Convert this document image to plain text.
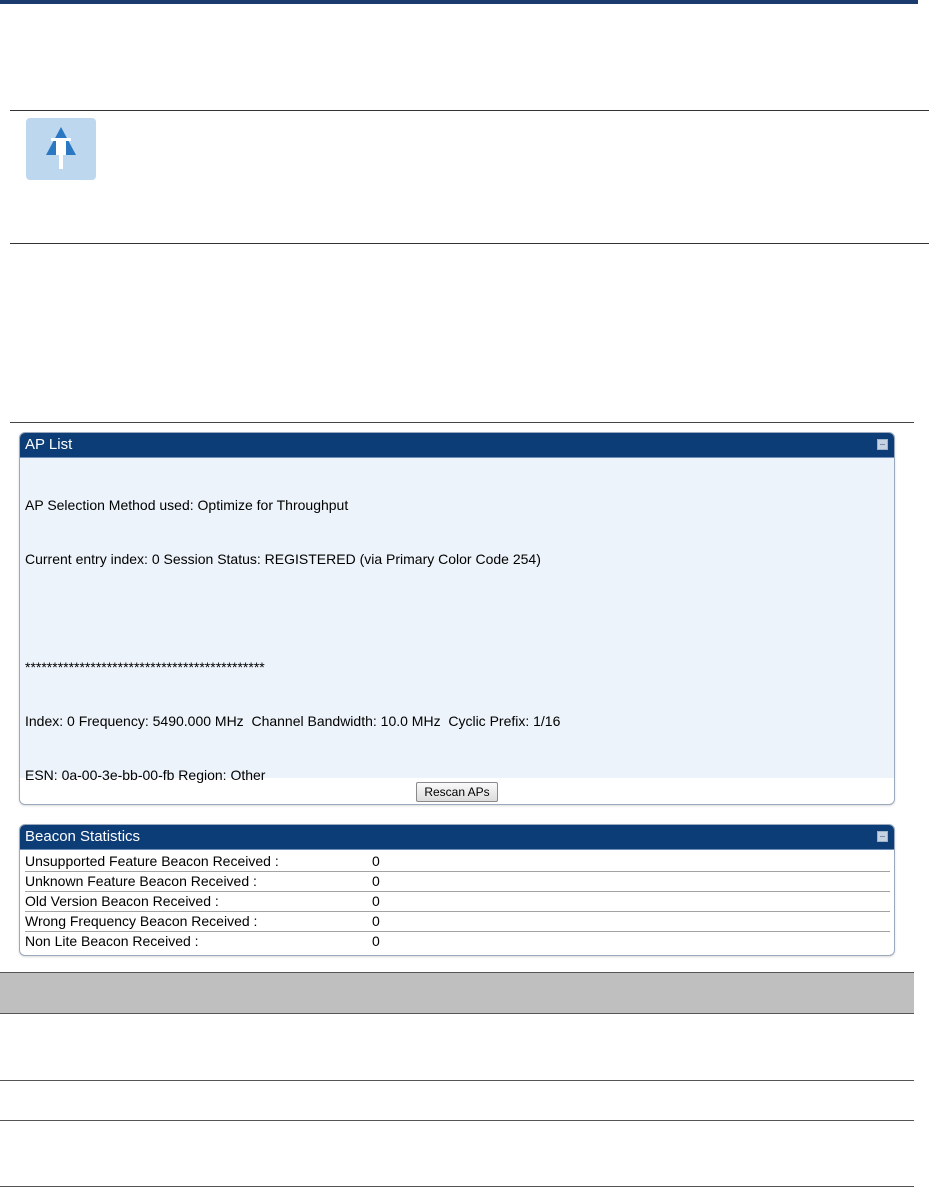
AP List

AP Selection Method used: Optimize for Throughput

Current entry index: 0 Session Status: REGISTERED (via Primary Color Code 254)

********************************************

Index: 0 Frequency: 5490.000 MHz  Channel Bandwidth: 10.0 MHz  Cyclic Prefix: 1/16

ESN: 0a-00-3e-bb-00-fb Region: Other

Rescan APs
Beacon Statistics
Unsupported Feature Beacon Received :	0
Unknown Feature Beacon Received :	0
Old Version Beacon Received :	0
Wrong Frequency Beacon Received :	0
Non Lite Beacon Received :	0
